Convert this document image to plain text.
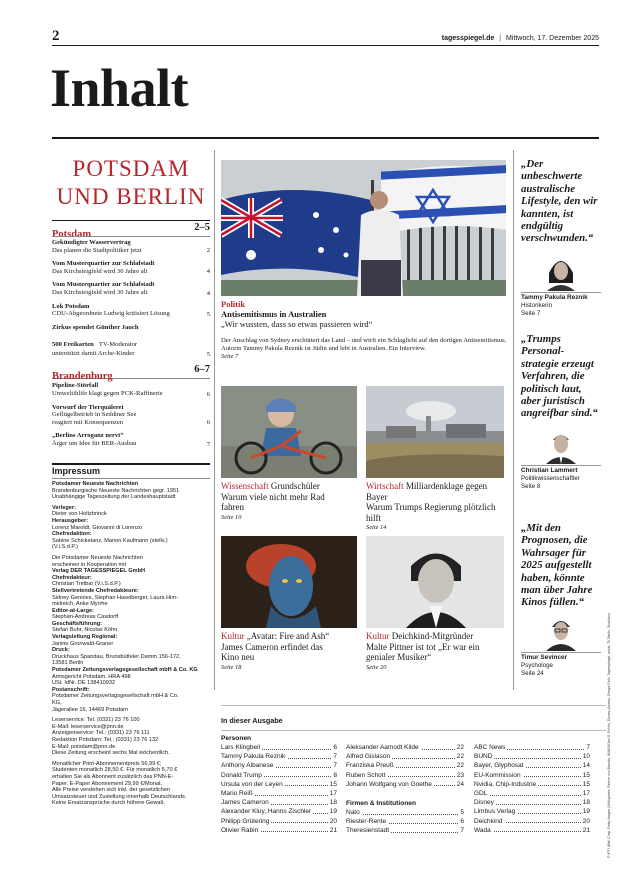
2	tagesspiegel.de | Mittwoch, 17. Dezember 2025
Inhalt
POTSDAM
UND BERLIN
Potsdam
2–5
Gekündigter Wasservertrag
Das planen die Stadtpolitiker jetzt	2
Vom Musterquartier zur Schlafstadt
Das Kirchsteigfeld wird 30 Jahre alt	4
Vom Musterquartier zur Schlafstadt
Das Kirchsteigfeld wird 30 Jahre alt	4
Lok Potsdam
CDU-Abgeordnete Ludwig kritisiert Lösung	5
Zirkus spendet Günther Jauch
500 Freikarten TV-Moderator
unterstützt damit Arche-Kinder	5
Brandenburg
6–7
Pipeline-Störfall
Umweltihlife klagt gegen PCK-Raffinerie	6
Vorwurf der Tierquälerei
Geflügelbetrieb in Seddiner See
reagiert mit Konsequenzen	6
„Berlins Arroganz nervt“
Ärger um Idee für BER-Ausbau	7
Impressum
Potsdamer Neueste Nachrichten
Brandenburgische Neueste Nachrichten gegr. 1951
Unabhängige Tageszeitung der Landeshauptstadt
Verleger:
Dieter von Holtzbrinck
Herausgeber:
Lorenz Maroldt, Giovanni di Lorenzo
Chefredaktion:
Sabine Schicketanz, Marion Kaufmann (stellv.)
(V.i.S.d.P.)
Die Potsdamer Neueste Nachrichten
erscheinen in Kooperation mit
Verlag DER TAGESSPIEGEL GmbH
Chefredakteur:
Christian Tretbar (V.i.S.d.P.)
Stellvertretende Chefredakteure:
Sidney Gennies, Stephan Haselberger, Laura Him-
melreich, Anke Myrrhe
Editor-at-Large:
Stephan-Andreas Casdorff
Geschäftsführung:
Stefan Buhr, Nicolas Köhn
Verlagsleitung Regional:
Janine Gronwald-Graner
Druck:
Druckhaus Spandau, Brunsbütteler Damm 156-172,
13581 Berlin
Potsdamer Zeitungsverlagsgesellschaft mbH & Co. KG
Amtsgericht Potsdam, HRA 498
USt. IdNr. DE 138410932
Postanschrift:
Potsdamer Zeitungsverlagsgesellschaft mbH & Co.
KG,
Jägerallee 16, 14469 Potsdam
Leserservice: Tel. (0331) 23 76 100
E-Mail: leserservice@pnn.de
Anzeigenservice: Tel.: (0331) 23 76 111
Redaktion Potsdam: Tel.: (0331) 23 76 132
E-Mail: potsdam@pnn.de
Diese Zeitung erscheint sechs Mal wöchentlich.
Monatlicher Print-Abonnementpreis 56,99 €;
Studenten monatlich 28,50 €. Für monatlich 5,70 €
erhalten Sie als Abonnent zusätzlich das PNN-E-
Paper. E-Paper Abonnement 29,99 €/Monat.
Alle Preise verstehen sich inkl. der gesetzlichen
Umsatzsteuer und Zustellung innerhalb Deutschlands.
Keine Ersatzansprüche durch höhere Gewalt.
Politik
Antisemitismus in Australien
„Wir wussten, dass so etwas passieren wird“
Der Anschlag von Sydney erschüttert das Land – und wirft ein Schlaglicht auf den dortigen Antisemitismus. Autorin Tammy Pakula Reznik ist Jüdin und lebt in Australien. Ein Interview.
Seite 7
Wissenschaft Grundschüler
Warum viele nicht mehr Rad fahren
Seite 10
Wirtschaft Milliardenklage gegen Bayer
Warum Trumps Regierung plötzlich hilft
Seite 14
Kultur „Avatar: Fire and Ash“
James Cameron erfindet das Kino neu
Seite 18
Kultur Deichkind-Mitgründer
Malte Pittner ist tot „Er war ein genialer Musiker“
Seite 20
„Der unbeschwerte australische Lifestyle, den wir kannten, ist endgültig verschwunden.“
Tammy Pakula Reznik
Historikerin
Seite 7
„Trumps Personal-strategie erzeugt Verfahren, die politisch laut, aber juristisch angreifbar sind.“
Christian Lammert
Politikwissenschaftler
Seite 8
„Mit den Prognosen, die Wahrsager für 2025 aufgestellt haben, könnte man über Jahre Kinos füllen.“
Timur Sevincer
Psychologe
Seite 24	© IPTI (Bild: Crisp, Getty Images (Milchgattes, Reitner von Brandis, IMAGO/Jan G. Pohle), Disney (Avatar), Gregor Fickl, Tagesspiegel, privat, TV Berlin, Studiobox
In dieser Ausgabe
Personen
Lars Klingbeil	6
Tammy Pakula Reznik	7
Anthony Albanese	7
Donald Trump	8
Ursula von der Leyen	15
Mario Reiß	17
James Cameron	18
Alexander Kluy, Hanns Zischler	19
Philipp Grütering	20
Olivier Rabin	21
Aleksander Aamodt Kilde	22
Alfred Gislason	22
Franziska Preuß	22
Ruben Schott	23
Johann Wolfgang von Goethe	24
Firmen & Institutionen
Nato	5
Riester-Rente	6
Theresienstadt	7
ABC News	7
BUND	10
Bayer, Glyphosat	14
EU-Kommission	15
Nvidia, Chip-Industrie	15
GDL	17
Disney	18
Limbus Verlag	19
Deichkind	20
Wada	21
